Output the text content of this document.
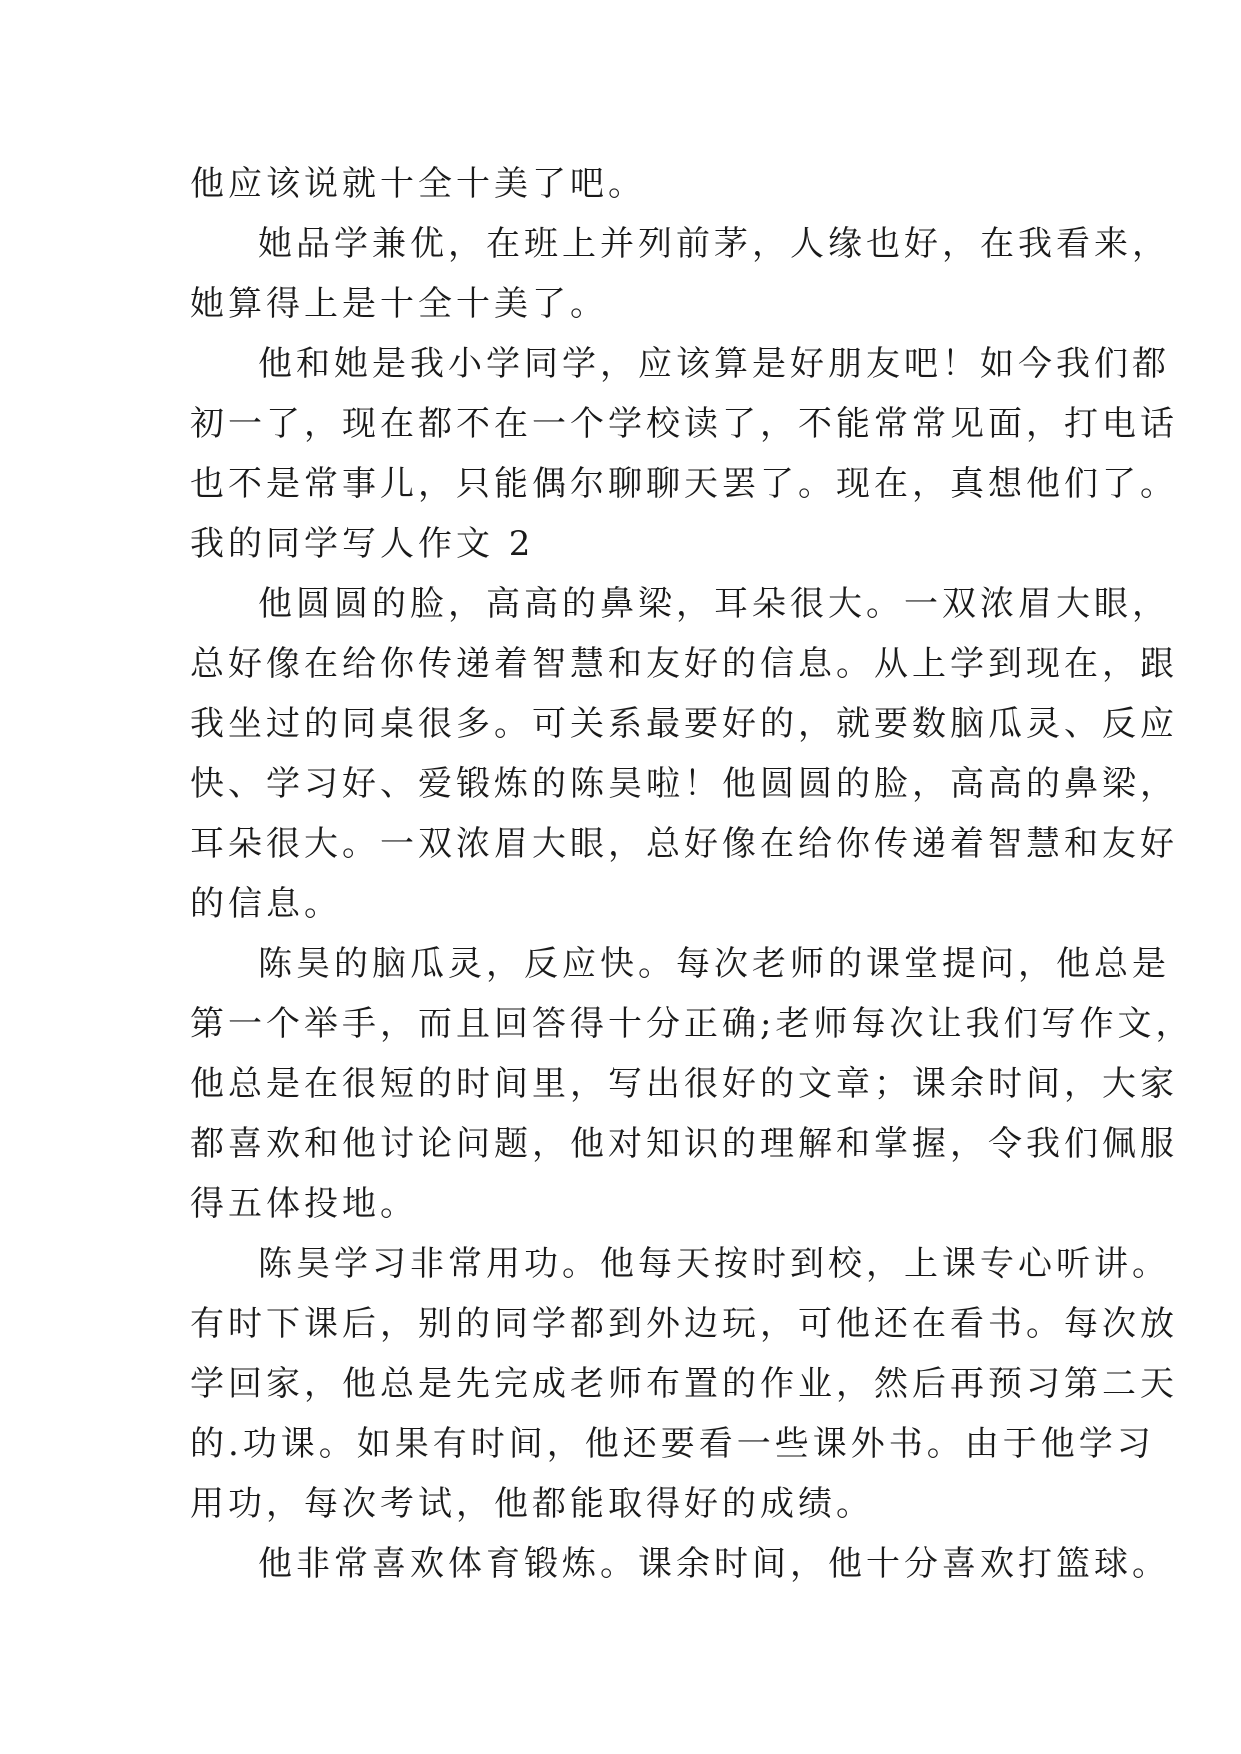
他应该说就十全十美了吧。
她品学兼优，在班上并列前茅，人缘也好，在我看来，
她算得上是十全十美了。
他和她是我小学同学，应该算是好朋友吧！如今我们都
初一了，现在都不在一个学校读了，不能常常见面，打电话
也不是常事儿，只能偶尔聊聊天罢了。现在，真想他们了。
我的同学写人作文 2
他圆圆的脸，高高的鼻梁，耳朵很大。一双浓眉大眼，
总好像在给你传递着智慧和友好的信息。从上学到现在，跟
我坐过的同桌很多。可关系最要好的，就要数脑瓜灵、反应
快、学习好、爱锻炼的陈昊啦！他圆圆的脸，高高的鼻梁，
耳朵很大。一双浓眉大眼，总好像在给你传递着智慧和友好
的信息。
陈昊的脑瓜灵，反应快。每次老师的课堂提问，他总是
第一个举手，而且回答得十分正确;老师每次让我们写作文，
他总是在很短的时间里，写出很好的文章；课余时间，大家
都喜欢和他讨论问题，他对知识的理解和掌握，令我们佩服
得五体投地。
陈昊学习非常用功。他每天按时到校，上课专心听讲。
有时下课后，别的同学都到外边玩，可他还在看书。每次放
学回家，他总是先完成老师布置的作业，然后再预习第二天
的.功课。如果有时间，他还要看一些课外书。由于他学习
用功，每次考试，他都能取得好的成绩。
他非常喜欢体育锻炼。课余时间，他十分喜欢打篮球。
